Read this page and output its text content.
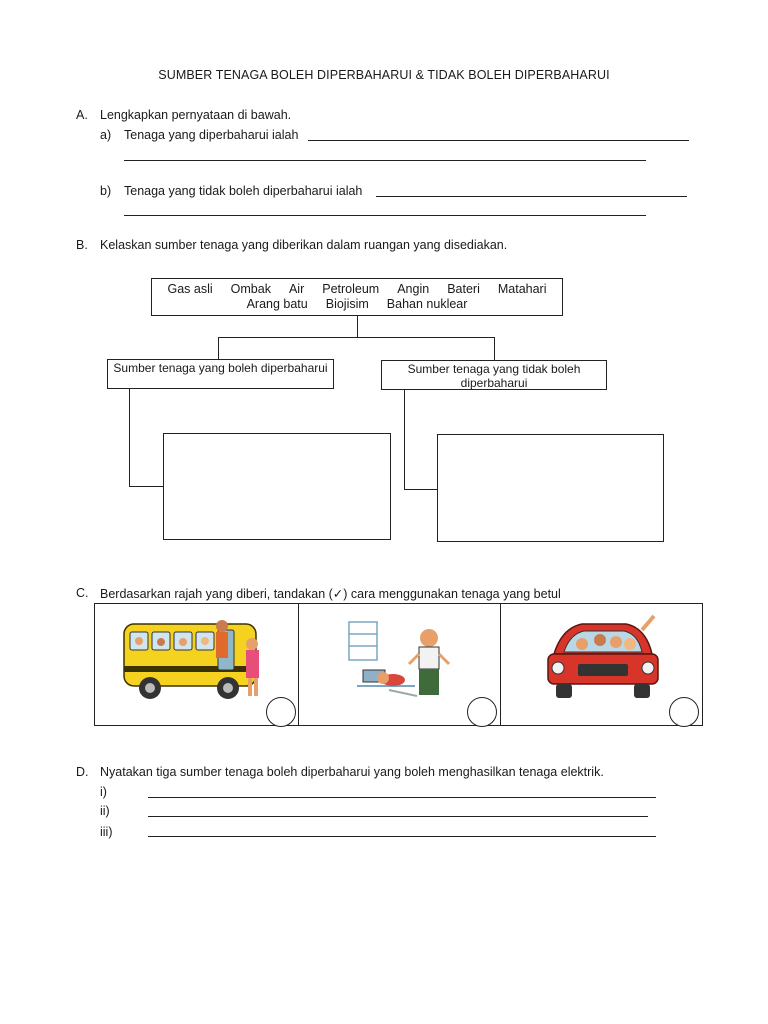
SUMBER TENAGA BOLEH DIPERBAHARUI & TIDAK BOLEH DIPERBAHARUI
A. Lengkapkan pernyataan di bawah.
a) Tenaga yang diperbaharui ialah
b) Tenaga yang tidak boleh diperbaharui ialah
B. Kelaskan sumber tenaga yang diberikan dalam ruangan yang disediakan.
Gas asli Ombak Air Petroleum Angin Bateri Matahari
Arang batu Biojisim Bahan nuklear
Sumber tenaga yang boleh diperbaharui	Sumber tenaga yang tidak boleh diperbaharui
C. Berdasarkan rajah yang diberi, tandakan (✓) cara menggunakan tenaga yang betul
D. Nyatakan tiga sumber tenaga boleh diperbaharui yang boleh menghasilkan tenaga elektrik.
i)
ii)
iii)
